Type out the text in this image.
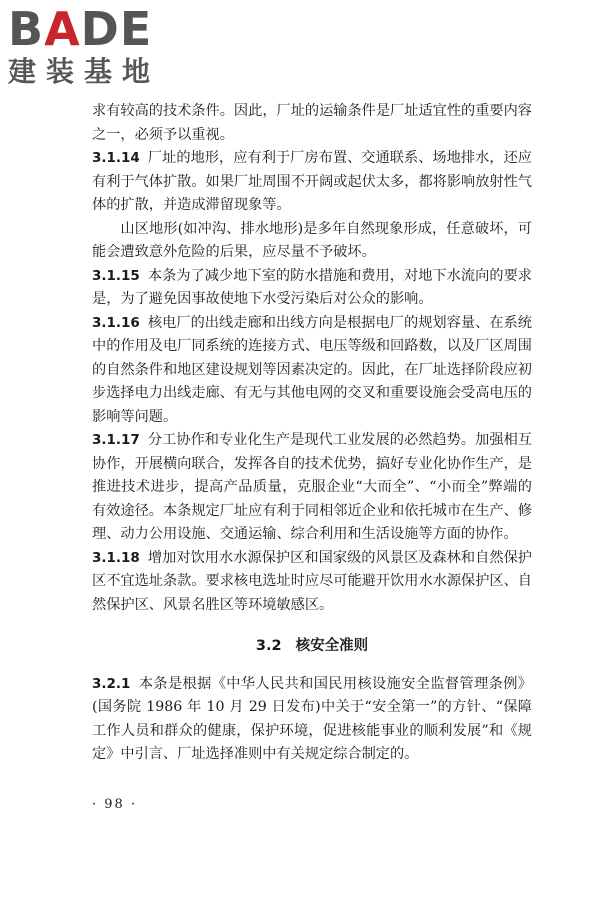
BADE
建装基地

求有较高的技术条件。因此，厂址的运输条件是厂址适宜性的重要内容之一，必须予以重视。

3.1.14 厂址的地形，应有利于厂房布置、交通联系、场地排水，还应有利于气体扩散。如果厂址周围不开阔或起伏太多，都将影响放射性气体的扩散，并造成滞留现象等。

山区地形(如冲沟、排水地形)是多年自然现象形成，任意破坏，可能会遭致意外危险的后果，应尽量不予破坏。

3.1.15 本条为了减少地下室的防水措施和费用，对地下水流向的要求是，为了避免因事故使地下水受污染后对公众的影响。

3.1.16 核电厂的出线走廊和出线方向是根据电厂的规划容量、在系统中的作用及电厂同系统的连接方式、电压等级和回路数，以及厂区周围的自然条件和地区建设规划等因素决定的。因此，在厂址选择阶段应初步选择电力出线走廊、有无与其他电网的交叉和重要设施会受高电压的影响等问题。

3.1.17 分工协作和专业化生产是现代工业发展的必然趋势。加强相互协作，开展横向联合，发挥各自的技术优势，搞好专业化协作生产，是推进技术进步，提高产品质量，克服企业“大而全”、“小而全”弊端的有效途径。本条规定厂址应有利于同相邻近企业和依托城市在生产、修理、动力公用设施、交通运输、综合利用和生活设施等方面的协作。

3.1.18 增加对饮用水水源保护区和国家级的风景区及森林和自然保护区不宜选址条款。要求核电选址时应尽可能避开饮用水水源保护区、自然保护区、风景名胜区等环境敏感区。

3.2 核安全准则

3.2.1 本条是根据《中华人民共和国民用核设施安全监督管理条例》(国务院 1986 年 10 月 29 日发布)中关于“安全第一”的方针、“保障工作人员和群众的健康，保护环境，促进核能事业的顺利发展”和《规定》中引言、厂址选择准则中有关规定综合制定的。

· 98 ·
